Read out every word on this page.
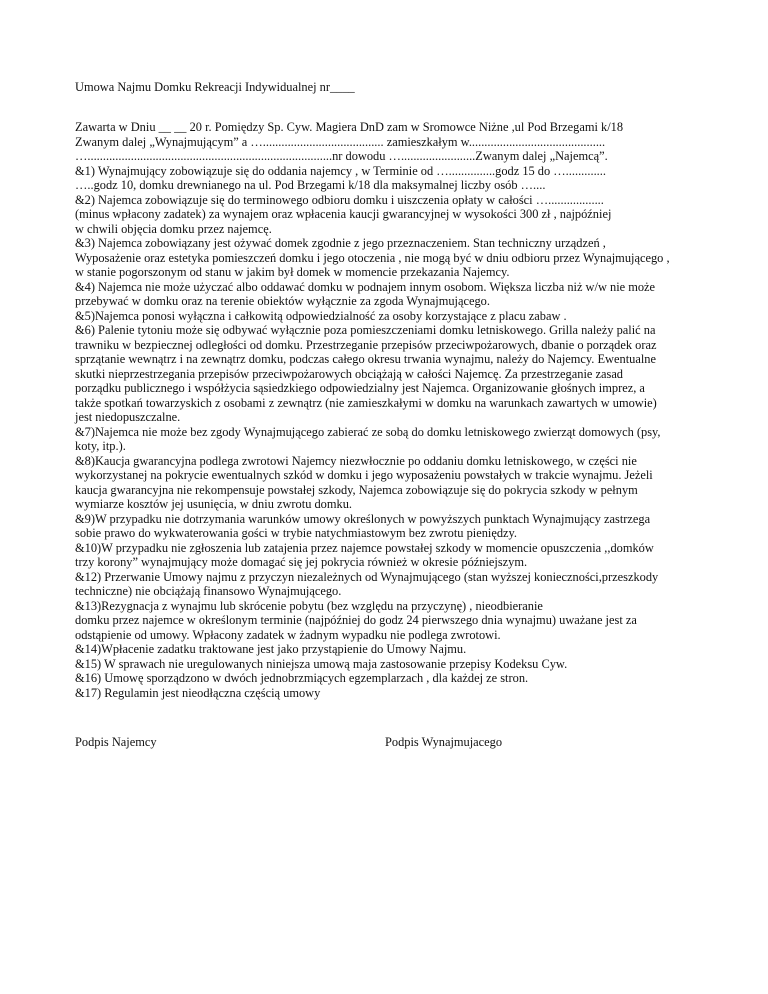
Umowa Najmu Domku Rekreacji Indywidualnej nr____
Zawarta w Dniu __ __ 20 r. Pomiędzy Sp. Cyw. Magiera DnD zam w Sromowce Niżne ,ul Pod Brzegami k/18
Zwanym dalej „Wynajmującym” a …....................................... zamieszkałym w............................................
…...............................................................................nr dowodu …........................Zwanym dalej „Najemcą”.
&1) Wynajmujący zobowiązuje się do oddania najemcy , w Terminie od …...............godz 15 do ….............
…..godz 10, domku drewnianego na ul. Pod Brzegami k/18 dla maksymalnej liczby osób …....
&2) Najemca zobowiązuje się do terminowego odbioru domku i uiszczenia opłaty w całości …..................
(minus wpłacony zadatek) za wynajem oraz wpłacenia kaucji gwarancyjnej w wysokości 300 zł , najpóźniej
w chwili objęcia domku przez najemcę.
&3) Najemca zobowiązany jest ożywać domek zgodnie z jego przeznaczeniem. Stan techniczny urządzeń ,
Wyposażenie oraz estetyka pomieszczeń domku i jego otoczenia , nie mogą być w dniu odbioru przez Wynajmującego ,
w stanie pogorszonym od stanu w jakim był domek w momencie przekazania Najemcy.
&4) Najemca nie może użyczać albo oddawać domku w podnajem innym osobom. Większa liczba niż w/w nie może
przebywać w domku oraz na terenie obiektów wyłącznie za zgoda Wynajmującego.
&5)Najemca ponosi wyłączna i całkowitą odpowiedzialność za osoby korzystające z placu zabaw .
&6) Palenie tytoniu może się odbywać wyłącznie poza pomieszczeniami domku letniskowego. Grilla należy palić na
trawniku w bezpiecznej odległości od domku. Przestrzeganie przepisów przeciwpożarowych, dbanie o porządek oraz
sprzątanie wewnątrz i na zewnątrz domku, podczas całego okresu trwania wynajmu, należy do Najemcy. Ewentualne
skutki nieprzestrzegania przepisów przeciwpożarowych obciążają w całości Najemcę. Za przestrzeganie zasad
porządku publicznego i współżycia sąsiedzkiego odpowiedzialny jest Najemca. Organizowanie głośnych imprez, a
także spotkań towarzyskich z osobami z zewnątrz (nie zamieszkałymi w domku na warunkach zawartych w umowie)
jest niedopuszczalne.
&7)Najemca nie może bez zgody Wynajmującego zabierać ze sobą do domku letniskowego zwierząt domowych (psy,
koty, itp.).
&8)Kaucja gwarancyjna podlega zwrotowi Najemcy niezwłocznie po oddaniu domku letniskowego, w części nie
wykorzystanej na pokrycie ewentualnych szkód w domku i jego wyposażeniu powstałych w trakcie wynajmu. Jeżeli
kaucja gwarancyjna nie rekompensuje powstałej szkody, Najemca zobowiązuje się do pokrycia szkody w pełnym
wymiarze kosztów jej usunięcia, w dniu zwrotu domku.
&9)W przypadku nie dotrzymania warunków umowy określonych w powyższych punktach Wynajmujący zastrzega
sobie prawo do wykwaterowania gości w trybie natychmiastowym bez zwrotu pieniędzy.
&10)W przypadku nie zgłoszenia lub zatajenia przez najemce powstałej szkody w momencie opuszczenia ,,domków
trzy korony” wynajmujący może domagać się jej pokrycia również w okresie późniejszym.
&12) Przerwanie Umowy najmu z przyczyn niezależnych od Wynajmującego (stan wyższej konieczności,przeszkody
techniczne) nie obciążają finansowo Wynajmującego.
&13)Rezygnacja z wynajmu lub skrócenie pobytu (bez względu na przyczynę) , nieodbieranie
domku przez najemce w określonym terminie (najpóźniej do godz 24 pierwszego dnia wynajmu) uważane jest za
odstąpienie od umowy. Wpłacony zadatek w żadnym wypadku nie podlega zwrotowi.
&14)Wpłacenie zadatku traktowane jest jako przystąpienie do Umowy Najmu.
&15) W sprawach nie uregulowanych niniejsza umową maja zastosowanie przepisy Kodeksu Cyw.
&16) Umowę sporządzono w dwóch jednobrzmiących egzemplarzach , dla każdej ze stron.
&17) Regulamin jest nieodłączna częścią umowy
Podpis Najemcy	Podpis Wynajmujacego
